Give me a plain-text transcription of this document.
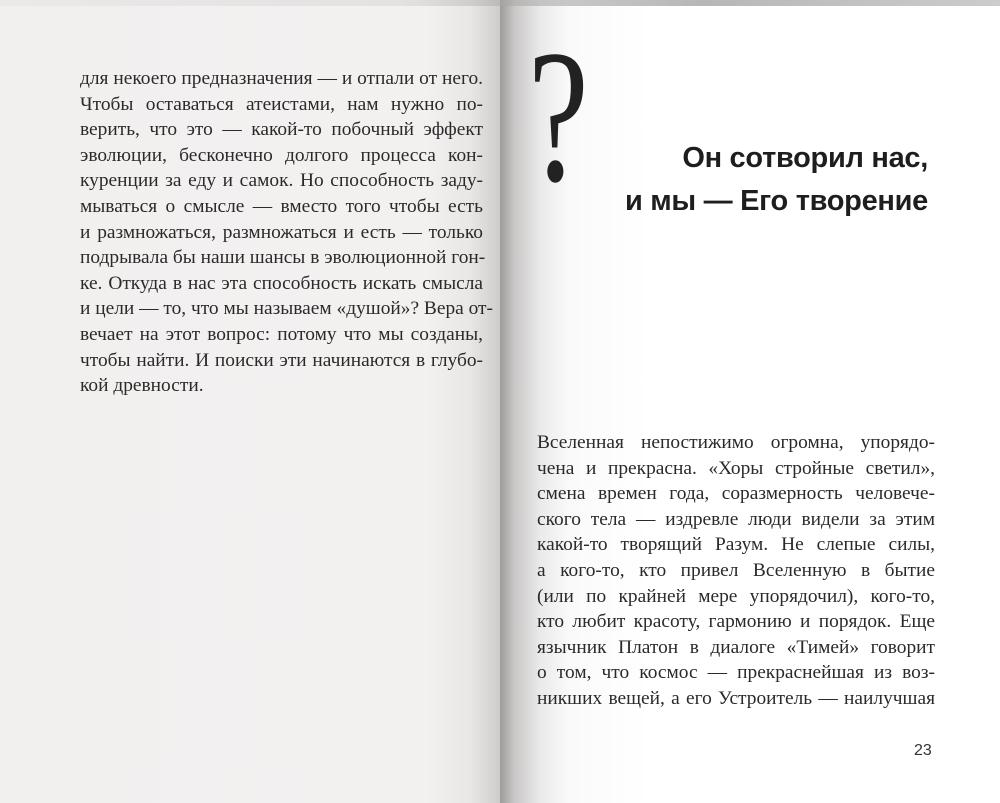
для некоего предназначения — и отпали от него.
Чтобы оставаться атеистами, нам нужно по-
верить, что это — какой-то побочный эффект
эволюции, бесконечно долгого процесса кон-
куренции за еду и самок. Но способность заду-
мываться о смысле — вместо того чтобы есть
и размножаться, размножаться и есть — только
подрывала бы наши шансы в эволюционной гон-
ке. Откуда в нас эта способность искать смысла
и цели — то, что мы называем «душой»? Вера от-
вечает на этот вопрос: потому что мы созданы,
чтобы найти. И поиски эти начинаются в глубо-
кой древности.
?	Он сотворил нас,
и мы — Его творение
Вселенная непостижимо огромна, упорядо-
чена и прекрасна. «Хоры стройные светил»,
смена времен года, соразмерность человече-
ского тела — издревле люди видели за этим
какой-то творящий Разум. Не слепые силы,
а кого-то, кто привел Вселенную в бытие
(или по крайней мере упорядочил), кого-то,
кто любит красоту, гармонию и порядок. Еще
язычник Платон в диалоге «Тимей» говорит
о том, что космос — прекраснейшая из воз-
никших вещей, а его Устроитель — наилучшая
23
